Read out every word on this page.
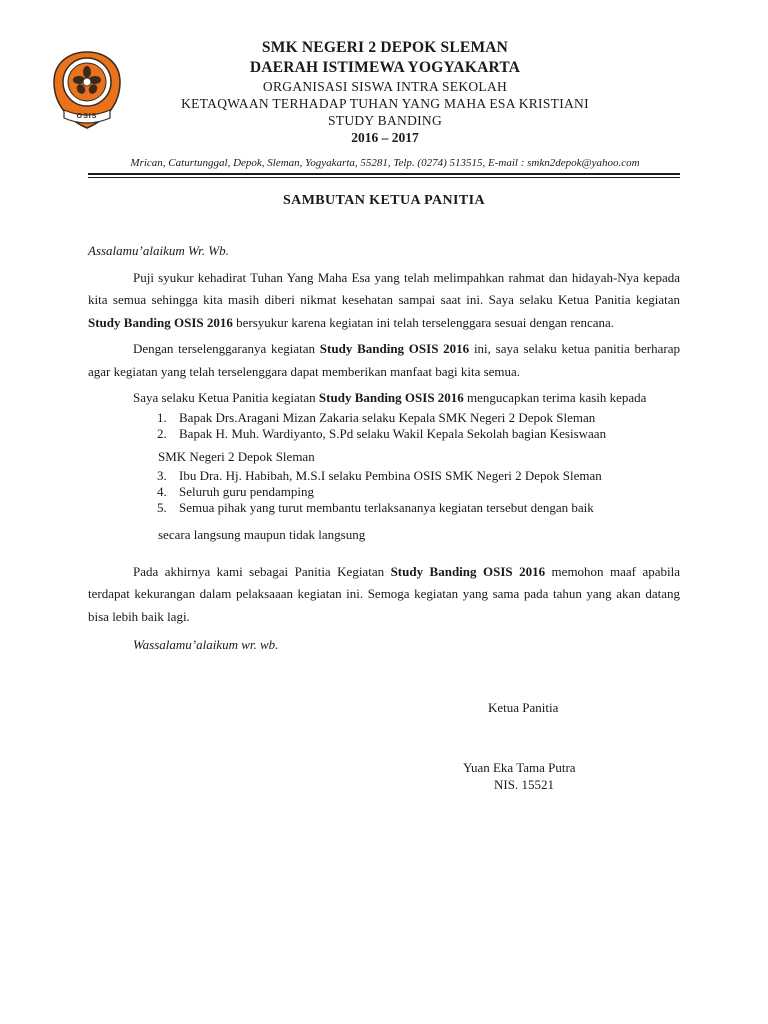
OSIS
SMK NEGERI 2 DEPOK SLEMAN
DAERAH ISTIMEWA YOGYAKARTA
ORGANISASI SISWA INTRA SEKOLAH
KETAQWAAN TERHADAP TUHAN YANG MAHA ESA KRISTIANI
STUDY BANDING
2016 – 2017
Mrican, Caturtunggal, Depok, Sleman, Yogyakarta, 55281, Telp. (0274) 513515, E-mail : smkn2depok@yahoo.com
SAMBUTAN KETUA PANITIA

Assalamu’alaikum Wr. Wb.

Puji syukur kehadirat Tuhan Yang Maha Esa yang telah melimpahkan rahmat dan hidayah-Nya kepada kita semua sehingga kita masih diberi nikmat kesehatan sampai saat ini. Saya selaku Ketua Panitia kegiatan Study Banding OSIS 2016 bersyukur karena kegiatan ini telah terselenggara sesuai dengan rencana.

Dengan terselenggaranya kegiatan Study Banding OSIS 2016 ini, saya selaku ketua panitia berharap agar kegiatan yang telah terselenggara dapat memberikan manfaat bagi kita semua.

Saya selaku Ketua Panitia kegiatan Study Banding OSIS 2016 mengucapkan terima kasih kepada

1. Bapak Drs.Aragani Mizan Zakaria selaku Kepala SMK Negeri 2 Depok Sleman
2. Bapak H. Muh. Wardiyanto, S.Pd selaku Wakil Kepala Sekolah bagian Kesiswaan
SMK Negeri 2 Depok Sleman
3. Ibu Dra. Hj. Habibah, M.S.I selaku Pembina OSIS SMK Negeri 2 Depok Sleman
4. Seluruh guru pendamping
5. Semua pihak yang turut membantu terlaksananya kegiatan tersebut dengan baik
secara langsung maupun tidak langsung

Pada akhirnya kami sebagai Panitia Kegiatan Study Banding OSIS 2016 memohon maaf apabila terdapat kekurangan dalam pelaksaaan kegiatan ini. Semoga kegiatan yang sama pada tahun yang akan datang bisa lebih baik lagi.

Wassalamu’alaikum wr. wb.

Ketua Panitia
Yuan Eka Tama Putra
NIS. 15521
